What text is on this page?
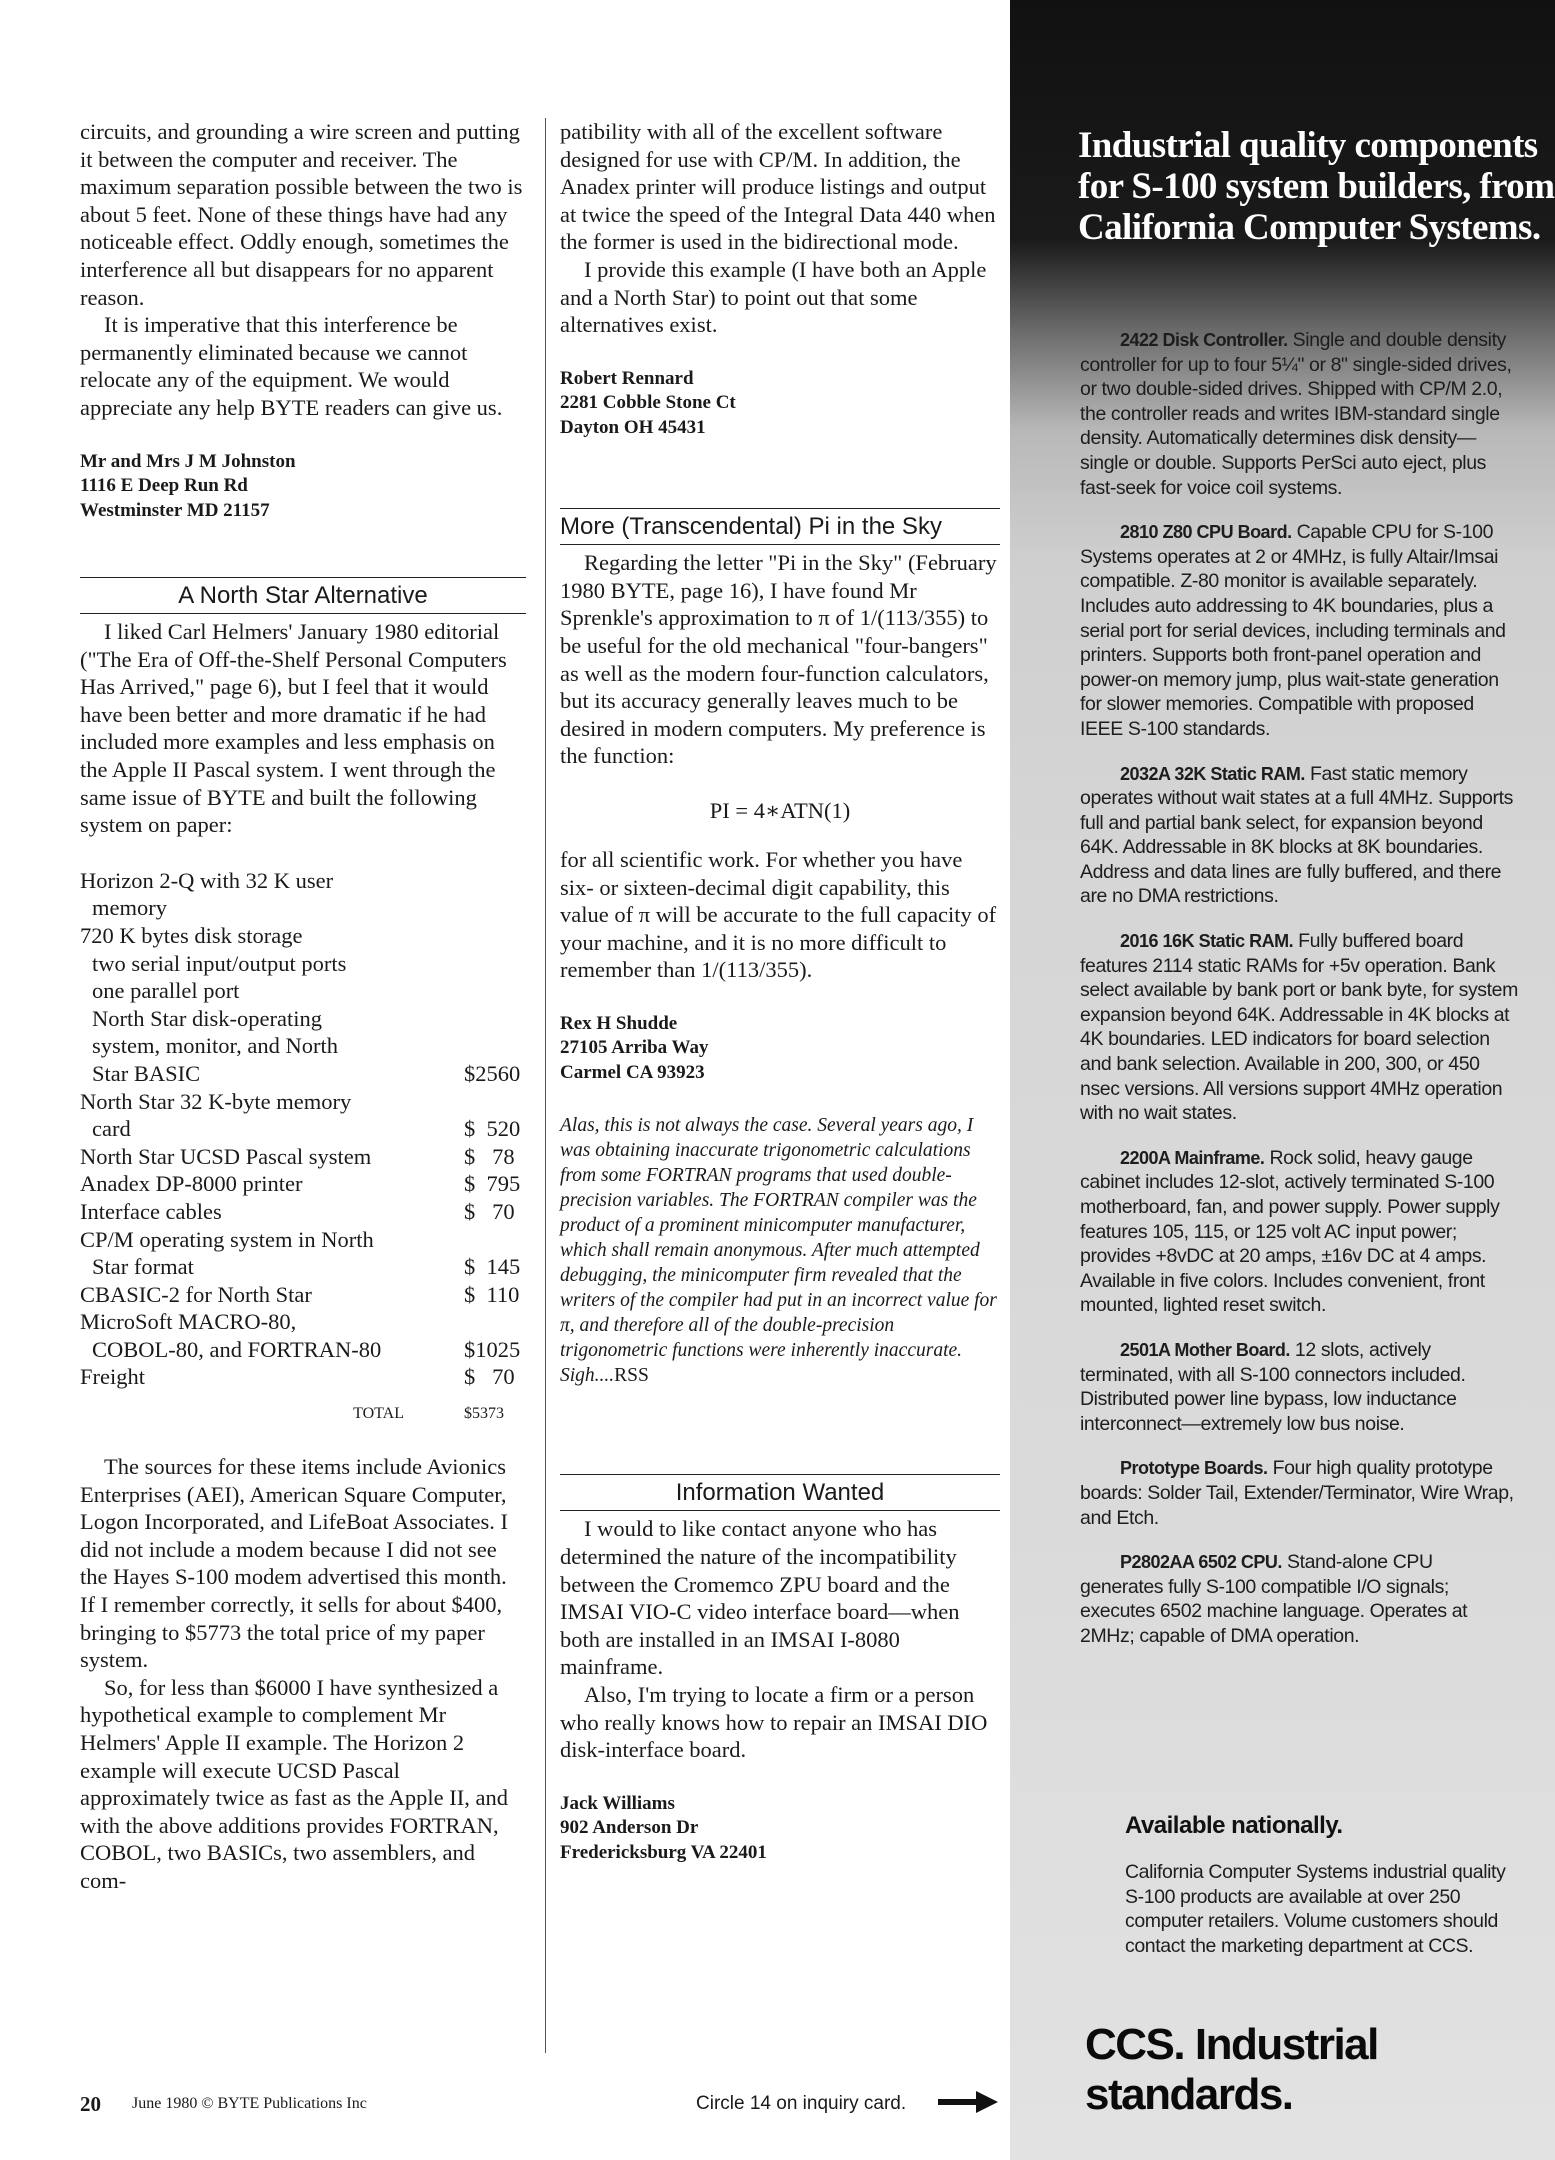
circuits, and grounding a wire screen and putting it between the computer and receiver. The maximum separation possible between the two is about 5 feet. None of these things have had any noticeable effect. Oddly enough, sometimes the interference all but disappears for no apparent reason.

It is imperative that this interference be permanently eliminated because we cannot relocate any of the equipment. We would appreciate any help BYTE readers can give us.

Mr and Mrs J M Johnston
1116 E Deep Run Rd
Westminster MD 21157
A North Star Alternative

I liked Carl Helmers' January 1980 editorial ("The Era of Off-the-Shelf Personal Computers Has Arrived," page 6), but I feel that it would have been better and more dramatic if he had included more examples and less emphasis on the Apple II Pascal system. I went through the same issue of BYTE and built the following system on paper:

Horizon 2-Q with 32 K user
memory
720 K bytes disk storage
two serial input/output ports
one parallel port
North Star disk-operating
system, monitor, and North
Star BASIC	$2560
North Star 32 K-byte memory
card	$  520
North Star UCSD Pascal system	$   78
Anadex DP-8000 printer	$  795
Interface cables	$   70
CP/M operating system in North
Star format	$  145
CBASIC-2 for North Star	$  110
MicroSoft MACRO-80,
COBOL-80, and FORTRAN-80	$1025
Freight	$   70
TOTAL	$5373

The sources for these items include Avionics Enterprises (AEI), American Square Computer, Logon Incorporated, and LifeBoat Associates. I did not include a modem because I did not see the Hayes S-100 modem advertised this month. If I remember correctly, it sells for about $400, bringing to $5773 the total price of my paper system.

So, for less than $6000 I have synthesized a hypothetical example to complement Mr Helmers' Apple II example. The Horizon 2 example will execute UCSD Pascal approximately twice as fast as the Apple II, and with the above additions provides FORTRAN, COBOL, two BASICs, two assemblers, and com-

patibility with all of the excellent software designed for use with CP/M. In addition, the Anadex printer will produce listings and output at twice the speed of the Integral Data 440 when the former is used in the bidirectional mode.

I provide this example (I have both an Apple and a North Star) to point out that some alternatives exist.

Robert Rennard
2281 Cobble Stone Ct
Dayton OH 45431
More (Transcendental) Pi in the Sky

Regarding the letter "Pi in the Sky" (February 1980 BYTE, page 16), I have found Mr Sprenkle's approximation to π of 1/(113/355) to be useful for the old mechanical "four-bangers" as well as the modern four-function calculators, but its accuracy generally leaves much to be desired in modern computers. My preference is the function:

PI = 4∗ATN(1)

for all scientific work. For whether you have six- or sixteen-decimal digit capability, this value of π will be accurate to the full capacity of your machine, and it is no more difficult to remember than 1/(113/355).

Rex H Shudde
27105 Arriba Way
Carmel CA 93923
Alas, this is not always the case. Several years ago, I was obtaining inaccurate trigonometric calculations from some FORTRAN programs that used double-precision variables. The FORTRAN compiler was the product of a prominent minicomputer manufacturer, which shall remain anonymous. After much attempted debugging, the minicomputer firm revealed that the writers of the compiler had put in an incorrect value for π, and therefore all of the double-precision trigonometric functions were inherently inaccurate. Sigh....RSS
Information Wanted

I would to like contact anyone who has determined the nature of the incompatibility between the Cromemco ZPU board and the IMSAI VIO-C video interface board—when both are installed in an IMSAI I-8080 mainframe.

Also, I'm trying to locate a firm or a person who really knows how to repair an IMSAI DIO disk-interface board.

Jack Williams
902 Anderson Dr
Fredericksburg VA 22401
Industrial quality components for S-100 system builders, from California Computer Systems.
2422 Disk Controller. Single and double density controller for up to four 5¼" or 8" single-sided drives, or two double-sided drives. Shipped with CP/M 2.0, the controller reads and writes IBM-standard single density. Automatically determines disk density—single or double. Supports PerSci auto eject, plus fast-seek for voice coil systems.
2810 Z80 CPU Board. Capable CPU for S-100 Systems operates at 2 or 4MHz, is fully Altair/Imsai compatible. Z-80 monitor is available separately. Includes auto addressing to 4K boundaries, plus a serial port for serial devices, including terminals and printers. Supports both front-panel operation and power-on memory jump, plus wait-state generation for slower memories. Compatible with proposed IEEE S-100 standards.
2032A 32K Static RAM. Fast static memory operates without wait states at a full 4MHz. Supports full and partial bank select, for expansion beyond 64K. Addressable in 8K blocks at 8K boundaries. Address and data lines are fully buffered, and there are no DMA restrictions.
2016 16K Static RAM. Fully buffered board features 2114 static RAMs for +5v operation. Bank select available by bank port or bank byte, for system expansion beyond 64K. Addressable in 4K blocks at 4K boundaries. LED indicators for board selection and bank selection. Available in 200, 300, or 450 nsec versions. All versions support 4MHz operation with no wait states.
2200A Mainframe. Rock solid, heavy gauge cabinet includes 12-slot, actively terminated S-100 motherboard, fan, and power supply. Power supply features 105, 115, or 125 volt AC input power; provides +8vDC at 20 amps, ±16v DC at 4 amps. Available in five colors. Includes convenient, front mounted, lighted reset switch.
2501A Mother Board. 12 slots, actively terminated, with all S-100 connectors included. Distributed power line bypass, low inductance interconnect—extremely low bus noise.
Prototype Boards. Four high quality prototype boards: Solder Tail, Extender/Terminator, Wire Wrap, and Etch.
P2802AA 6502 CPU. Stand-alone CPU generates fully S-100 compatible I/O signals; executes 6502 machine language. Operates at 2MHz; capable of DMA operation.
Available nationally.
California Computer Systems industrial quality S-100 products are available at over 250 computer retailers. Volume customers should contact the marketing department at CCS.
CCS. Industrial standards.
20 June 1980 © BYTE Publications Inc	Circle 14 on inquiry card.
